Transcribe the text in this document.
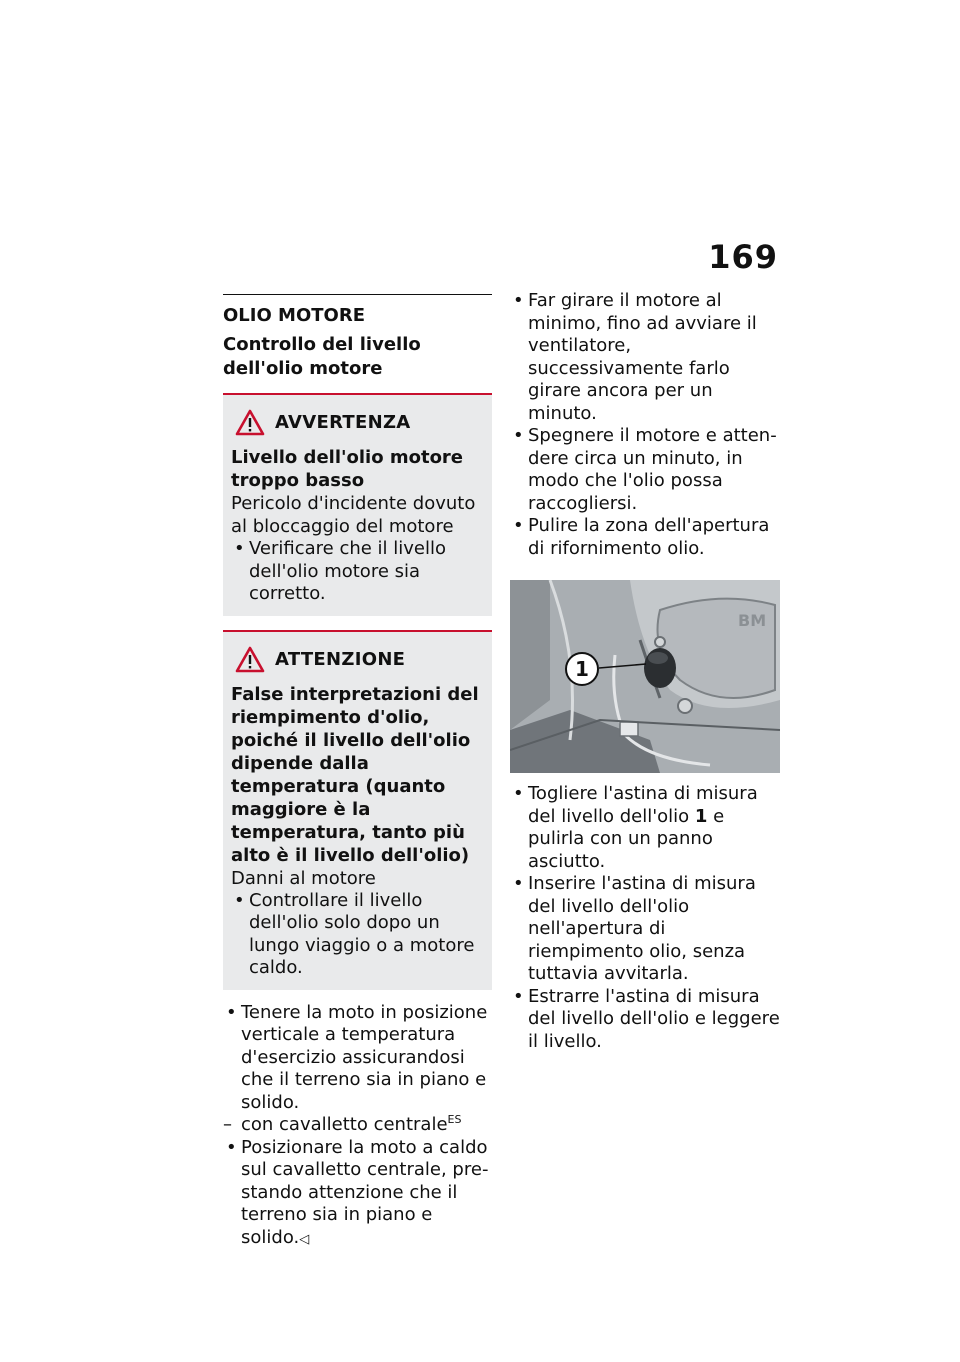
169
OLIO MOTORE
Controllo del livello dell'olio motore
AVVERTENZA

Livello dell'olio motore troppo basso

Pericolo d'incidente dovuto al bloccaggio del motore

• Verificare che il livello dell'olio motore sia corretto.
ATTENZIONE

False interpretazioni del riempimento d'olio, poiché il livello dell'olio dipende dalla temperatura (quanto maggiore è la temperatura, tanto più alto è il livello dell'olio)

Danni al motore

• Controllare il livello dell'olio solo dopo un lungo viaggio o a motore caldo.
• Tenere la moto in posizione verticale a temperatura d'esercizio assicurandosi che il terreno sia in piano e solido.
– con cavalletto centrale$^{ES}$
• Posizionare la moto a caldo sul cavalletto centrale, prestando attenzione che il terreno sia in piano e solido.◁
• Far girare il motore al minimo, fino ad avviare il ventilatore, successivamente farlo girare ancora per un minuto.
• Spegnere il motore e attendere circa un minuto, in modo che l'olio possa raccogliersi.
• Pulire la zona dell'apertura di rifornimento olio.
BM
1
• Togliere l'astina di misura del livello dell'olio 1 e pulirla con un panno asciutto.
• Inserire l'astina di misura del livello dell'olio nell'apertura di riempimento olio, senza tuttavia avvitarla.
• Estrarre l'astina di misura del livello dell'olio e leggere il livello.
